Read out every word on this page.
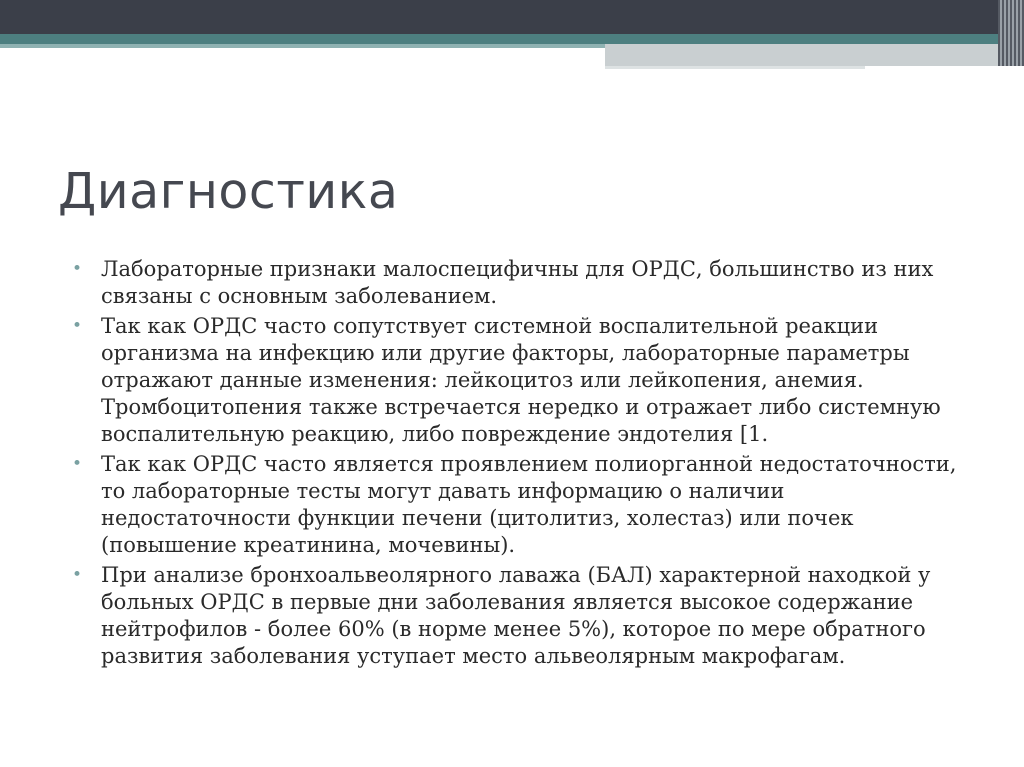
Диагностика
• Лабораторные признаки малоспецифичны для ОРДС, большинство из них связаны с основным заболеванием.
• Так как ОРДС часто сопутствует системной воспалительной реакции организма на инфекцию или другие факторы, лабораторные параметры отражают данные изменения: лейкоцитоз или лейкопения, анемия. Тромбоцитопения также встречается нередко и отражает либо системную воспалительную реакцию, либо повреждение эндотелия [1.
• Так как ОРДС часто является проявлением полиорганной недостаточности, то лабораторные тесты могут давать информацию о наличии недостаточности функции печени (цитолитиз, холестаз) или почек (повышение креатинина, мочевины).
• При анализе бронхоальвеолярного лаважа (БАЛ) характерной находкой у больных ОРДС в первые дни заболевания является высокое содержание нейтрофилов - более 60% (в норме менее 5%), которое по мере обратного развития заболевания уступает место альвеолярным макрофагам.
